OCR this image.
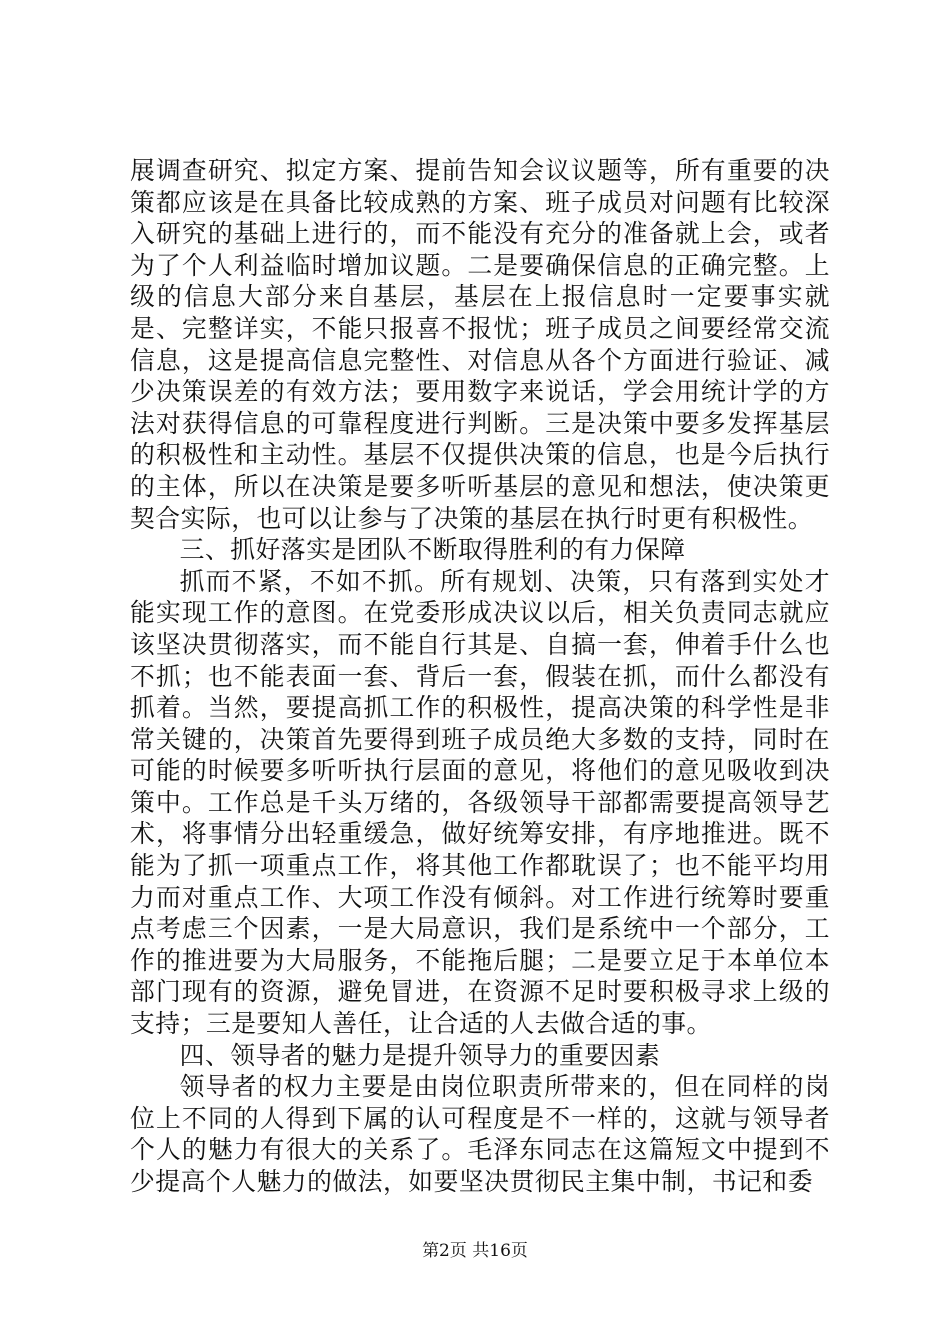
展调查研究、拟定方案、提前告知会议议题等，所有重要的决策都应该是在具备比较成熟的方案、班子成员对问题有比较深入研究的基础上进行的，而不能没有充分的准备就上会，或者为了个人利益临时增加议题。二是要确保信息的正确完整。上级的信息大部分来自基层，基层在上报信息时一定要事实就是、完整详实，不能只报喜不报忧；班子成员之间要经常交流信息，这是提高信息完整性、对信息从各个方面进行验证、减少决策误差的有效方法；要用数字来说话，学会用统计学的方法对获得信息的可靠程度进行判断。三是决策中要多发挥基层的积极性和主动性。基层不仅提供决策的信息，也是今后执行的主体，所以在决策是要多听听基层的意见和想法，使决策更契合实际，也可以让参与了决策的基层在执行时更有积极性。

三、抓好落实是团队不断取得胜利的有力保障

抓而不紧，不如不抓。所有规划、决策，只有落到实处才能实现工作的意图。在党委形成决议以后，相关负责同志就应该坚决贯彻落实，而不能自行其是、自搞一套，伸着手什么也不抓；也不能表面一套、背后一套，假装在抓，而什么都没有抓着。当然，要提高抓工作的积极性，提高决策的科学性是非常关键的，决策首先要得到班子成员绝大多数的支持，同时在可能的时候要多听听执行层面的意见，将他们的意见吸收到决策中。工作总是千头万绪的，各级领导干部都需要提高领导艺术，将事情分出轻重缓急，做好统筹安排，有序地推进。既不能为了抓一项重点工作，将其他工作都耽误了；也不能平均用力而对重点工作、大项工作没有倾斜。对工作进行统筹时要重点考虑三个因素，一是大局意识，我们是系统中一个部分，工作的推进要为大局服务，不能拖后腿；二是要立足于本单位本部门现有的资源，避免冒进，在资源不足时要积极寻求上级的支持；三是要知人善任，让合适的人去做合适的事。

四、领导者的魅力是提升领导力的重要因素

领导者的权力主要是由岗位职责所带来的，但在同样的岗位上不同的人得到下属的认可程度是不一样的，这就与领导者个人的魅力有很大的关系了。毛泽东同志在这篇短文中提到不少提高个人魅力的做法，如要坚决贯彻民主集中制，书记和委

第2页 共16页
